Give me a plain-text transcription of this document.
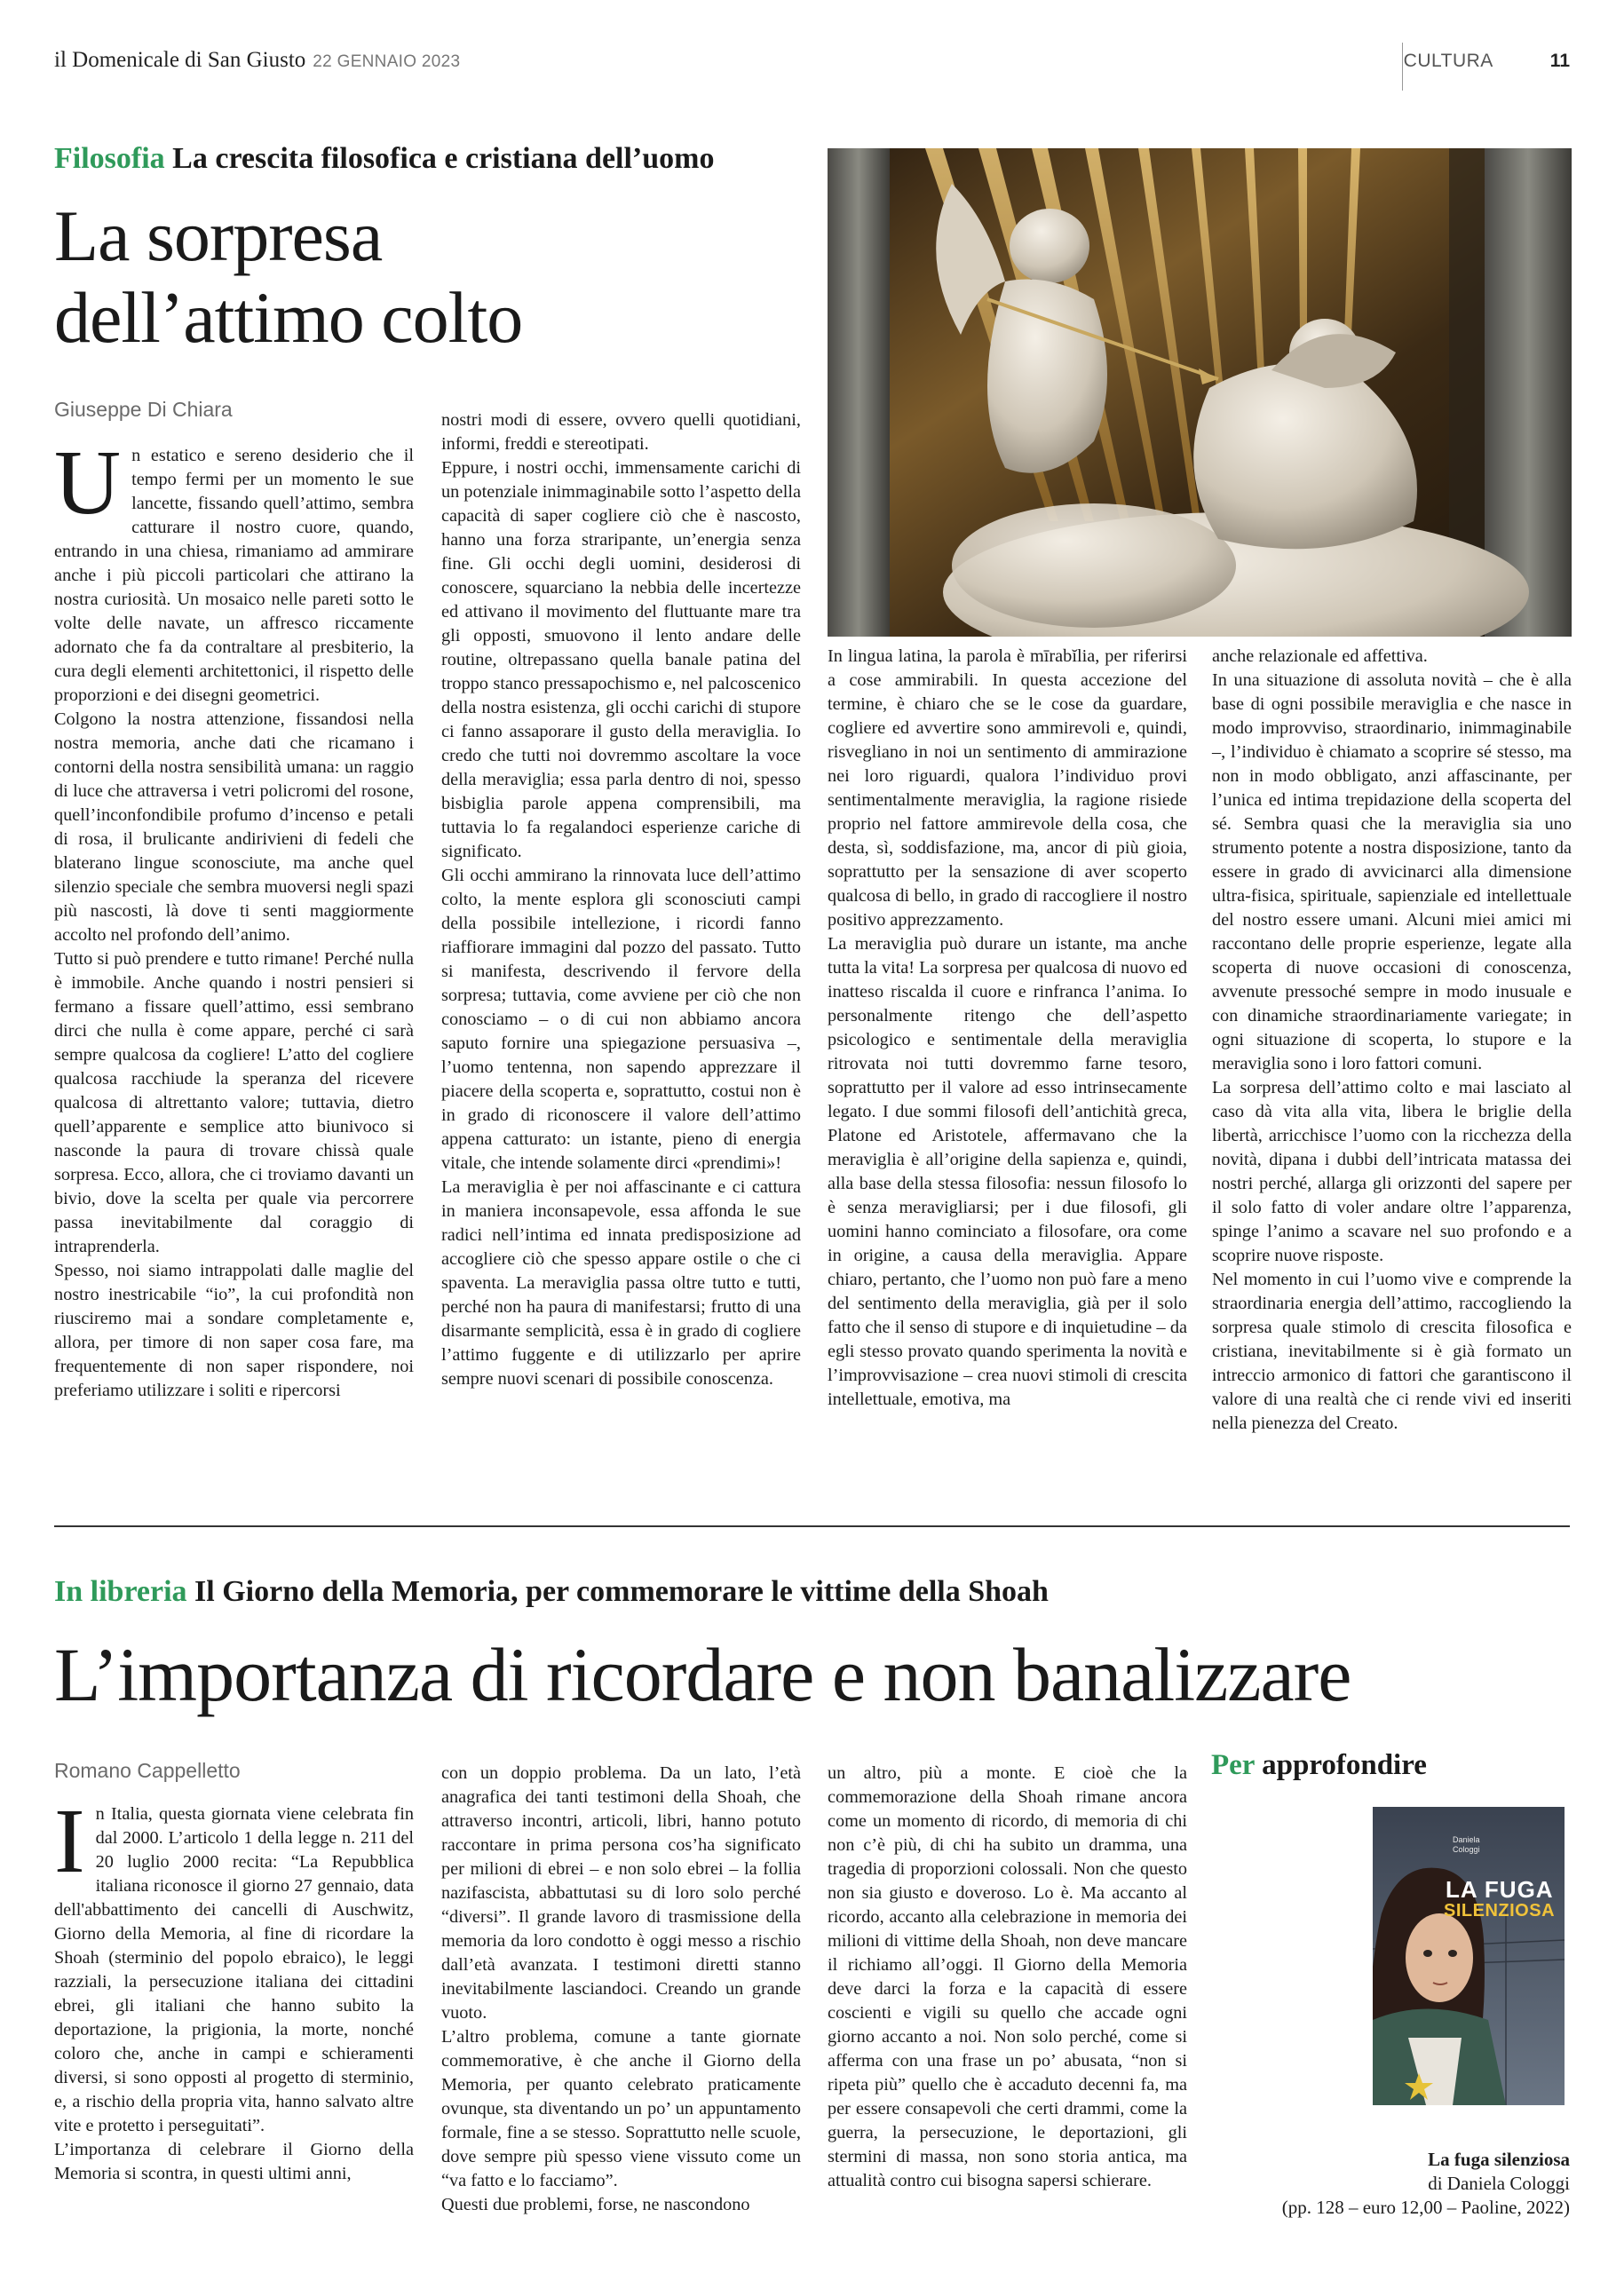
il Domenicale di San Giusto 22 GENNAIO 2023	CULTURA	11
Filosofia La crescita filosofica e cristiana dell’uomo
La sorpresa
dell’attimo colto
Giuseppe Di Chiara
U n estatico e sereno desiderio che il tempo fermi per un momento le sue lancette, fissando quell’attimo, sembra catturare il nostro cuore, quando, entrando in una chiesa, rimaniamo ad ammirare anche i più piccoli particolari che attirano la nostra curiosità. Un mosaico nelle pareti sotto le volte delle navate, un affresco riccamente adornato che fa da contraltare al presbiterio, la cura degli elementi architettonici, il rispetto delle proporzioni e dei disegni geometrici.

Colgono la nostra attenzione, fissandosi nella nostra memoria, anche dati che ricamano i contorni della nostra sensibilità umana: un raggio di luce che attraversa i vetri policromi del rosone, quell’inconfondibile profumo d’incenso e petali di rosa, il brulicante andirivieni di fedeli che blaterano lingue sconosciute, ma anche quel silenzio speciale che sembra muoversi negli spazi più nascosti, là dove ti senti maggiormente accolto nel profondo dell’animo.

Tutto si può prendere e tutto rimane! Perché nulla è immobile. Anche quando i nostri pensieri si fermano a fissare quell’attimo, essi sembrano dirci che nulla è come appare, perché ci sarà sempre qualcosa da cogliere! L’atto del cogliere qualcosa racchiude la speranza del ricevere qualcosa di altrettanto valore; tuttavia, dietro quell’apparente e semplice atto biunivoco si nasconde la paura di trovare chissà quale sorpresa. Ecco, allora, che ci troviamo davanti un bivio, dove la scelta per quale via percorrere passa inevitabilmente dal coraggio di intraprenderla.

Spesso, noi siamo intrappolati dalle maglie del nostro inestricabile “io”, la cui profondità non riusciremo mai a sondare completamente e, allora, per timore di non saper cosa fare, ma frequentemente di non saper rispondere, noi preferiamo utilizzare i soliti e ripercorsi

nostri modi di essere, ovvero quelli quotidiani, informi, freddi e stereotipati.

Eppure, i nostri occhi, immensamente carichi di un potenziale inimmaginabile sotto l’aspetto della capacità di saper cogliere ciò che è nascosto, hanno una forza straripante, un’energia senza fine. Gli occhi degli uomini, desiderosi di conoscere, squarciano la nebbia delle incertezze ed attivano il movimento del fluttuante mare tra gli opposti, smuovono il lento andare delle routine, oltrepassano quella banale patina del troppo stanco pressapochismo e, nel palcoscenico della nostra esistenza, gli occhi carichi di stupore ci fanno assaporare il gusto della meraviglia. Io credo che tutti noi dovremmo ascoltare la voce della meraviglia; essa parla dentro di noi, spesso bisbiglia parole appena comprensibili, ma tuttavia lo fa regalandoci esperienze cariche di significato.

Gli occhi ammirano la rinnovata luce dell’attimo colto, la mente esplora gli sconosciuti campi della possibile intellezione, i ricordi fanno riaffiorare immagini dal pozzo del passato. Tutto si manifesta, descrivendo il fervore della sorpresa; tuttavia, come avviene per ciò che non conosciamo – o di cui non abbiamo ancora saputo fornire una spiegazione persuasiva –, l’uomo tentenna, non sapendo apprezzare il piacere della scoperta e, soprattutto, costui non è in grado di riconoscere il valore dell’attimo appena catturato: un istante, pieno di energia vitale, che intende solamente dirci «prendimi»!

La meraviglia è per noi affascinante e ci cattura in maniera inconsapevole, essa affonda le sue radici nell’intima ed innata predisposizione ad accogliere ciò che spesso appare ostile o che ci spaventa. La meraviglia passa oltre tutto e tutti, perché non ha paura di manifestarsi; frutto di una disarmante semplicità, essa è in grado di cogliere l’attimo fuggente e di utilizzarlo per aprire sempre nuovi scenari di possibile conoscenza.

In lingua latina, la parola è mīrabĭlia, per riferirsi a cose ammirabili. In questa accezione del termine, è chiaro che se le cose da guardare, cogliere ed avvertire sono ammirevoli e, quindi, risvegliano in noi un sentimento di ammirazione nei loro riguardi, qualora l’individuo provi sentimentalmente meraviglia, la ragione risiede proprio nel fattore ammirevole della cosa, che desta, sì, soddisfazione, ma, ancor di più gioia, soprattutto per la sensazione di aver scoperto qualcosa di bello, in grado di raccogliere il nostro positivo apprezzamento.

La meraviglia può durare un istante, ma anche tutta la vita! La sorpresa per qualcosa di nuovo ed inatteso riscalda il cuore e rinfranca l’anima. Io personalmente ritengo che dell’aspetto psicologico e sentimentale della meraviglia ritrovata noi tutti dovremmo farne tesoro, soprattutto per il valore ad esso intrinsecamente legato. I due sommi filosofi dell’antichità greca, Platone ed Aristotele, affermavano che la meraviglia è all’origine della sapienza e, quindi, alla base della stessa filosofia: nessun filosofo lo è senza meravigliarsi; per i due filosofi, gli uomini hanno cominciato a filosofare, ora come in origine, a causa della meraviglia. Appare chiaro, pertanto, che l’uomo non può fare a meno del sentimento della meraviglia, già per il solo fatto che il senso di stupore e di inquietudine – da egli stesso provato quando sperimenta la novità e l’improvvisazione – crea nuovi stimoli di crescita intellettuale, emotiva, ma

anche relazionale ed affettiva.

In una situazione di assoluta novità – che è alla base di ogni possibile meraviglia e che nasce in modo improvviso, straordinario, inimmaginabile –, l’individuo è chiamato a scoprire sé stesso, ma non in modo obbligato, anzi affascinante, per l’unica ed intima trepidazione della scoperta del sé. Sembra quasi che la meraviglia sia uno strumento potente a nostra disposizione, tanto da essere in grado di avvicinarci alla dimensione ultra-fisica, spirituale, sapienziale ed intellettuale del nostro essere umani. Alcuni miei amici mi raccontano delle proprie esperienze, legate alla scoperta di nuove occasioni di conoscenza, avvenute pressoché sempre in modo inusuale e con dinamiche straordinariamente variegate; in ogni situazione di scoperta, lo stupore e la meraviglia sono i loro fattori comuni.

La sorpresa dell’attimo colto e mai lasciato al caso dà vita alla vita, libera le briglie della libertà, arricchisce l’uomo con la ricchezza della novità, dipana i dubbi dell’intricata matassa dei nostri perché, allarga gli orizzonti del sapere per il solo fatto di voler andare oltre l’apparenza, spinge l’animo a scavare nel suo profondo e a scoprire nuove risposte.

Nel momento in cui l’uomo vive e comprende la straordinaria energia dell’attimo, raccogliendo la sorpresa quale stimolo di crescita filosofica e cristiana, inevitabilmente si è già formato un intreccio armonico di fattori che garantiscono il valore di una realtà che ci rende vivi ed inseriti nella pienezza del Creato.

In libreria Il Giorno della Memoria, per commemorare le vittime della Shoah
L’importanza di ricordare e non banalizzare
Romano Cappelletto
I n Italia, questa giornata viene celebrata fin dal 2000. L’articolo 1 della legge n. 211 del 20 luglio 2000 recita: “La Repubblica italiana riconosce il giorno 27 gennaio, data dell'abbattimento dei cancelli di Auschwitz, Giorno della Memoria, al fine di ricordare la Shoah (sterminio del popolo ebraico), le leggi razziali, la persecuzione italiana dei cittadini ebrei, gli italiani che hanno subito la deportazione, la prigionia, la morte, nonché coloro che, anche in campi e schieramenti diversi, si sono opposti al progetto di sterminio, e, a rischio della propria vita, hanno salvato altre vite e protetto i perseguitati”.

L’importanza di celebrare il Giorno della Memoria si scontra, in questi ultimi anni,

con un doppio problema. Da un lato, l’età anagrafica dei tanti testimoni della Shoah, che attraverso incontri, articoli, libri, hanno potuto raccontare in prima persona cos’ha significato per milioni di ebrei – e non solo ebrei – la follia nazifascista, abbattutasi su di loro solo perché “diversi”. Il grande lavoro di trasmissione della memoria da loro condotto è oggi messo a rischio dall’età avanzata. I testimoni diretti stanno inevitabilmente lasciandoci. Creando un grande vuoto.

L’altro problema, comune a tante giornate commemorative, è che anche il Giorno della Memoria, per quanto celebrato praticamente ovunque, sta diventando un po’ un appuntamento formale, fine a se stesso. Soprattutto nelle scuole, dove sempre più spesso viene vissuto come un “va fatto e lo facciamo”.

Questi due problemi, forse, ne nascondono

un altro, più a monte. E cioè che la commemorazione della Shoah rimane ancora come un momento di ricordo, di memoria di chi non c’è più, di chi ha subito un dramma, una tragedia di proporzioni colossali. Non che questo non sia giusto e doveroso. Lo è. Ma accanto al ricordo, accanto alla celebrazione in memoria dei milioni di vittime della Shoah, non deve mancare il richiamo all’oggi. Il Giorno della Memoria deve darci la forza e la capacità di essere coscienti e vigili su quello che accade ogni giorno accanto a noi. Non solo perché, come si afferma con una frase un po’ abusata, “non si ripeta più” quello che è accaduto decenni fa, ma per essere consapevoli che certi drammi, come la guerra, la persecuzione, le deportazioni, gli stermini di massa, non sono storia antica, ma attualità contro cui bisogna sapersi schierare.

Per approfondire
Daniela
Cologgi
LA FUGA
SILENZIOSA
La fuga silenziosa
di Daniela Cologgi
(pp. 128 – euro 12,00 – Paoline, 2022)
